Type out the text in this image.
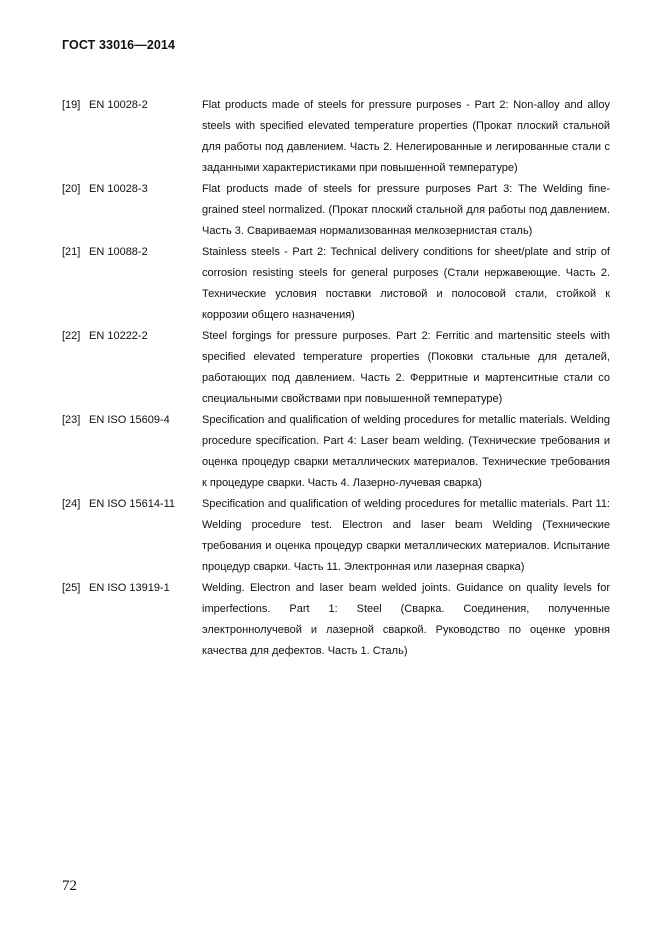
ГОСТ 33016—2014
[19] EN 10028-2	Flat products made of steels for pressure purposes - Part 2: Non-alloy and alloy steels with specified elevated temperature properties (Прокат плоский стальной для работы под давлением. Часть 2. Нелегированные и легированные стали с заданными характеристиками при повышенной температуре)
[20] EN 10028-3	Flat products made of steels for pressure purposes Part 3: The Welding fine-grained steel normalized. (Прокат плоский стальной для работы под давлением. Часть 3. Свариваемая нормализованная мелкозернистая сталь)
[21] EN 10088-2	Stainless steels - Part 2: Technical delivery conditions for sheet/plate and strip of corrosion resisting steels for general purposes (Стали нержавеющие. Часть 2. Технические условия поставки листовой и полосовой стали, стойкой к коррозии общего назначения)
[22] EN 10222-2	Steel forgings for pressure purposes. Part 2: Ferritic and martensitic steels with specified elevated temperature properties (Поковки стальные для деталей, работающих под давлением. Часть 2. Ферритные и мартенситные стали со специальными свойствами при повышенной температуре)
[23] EN ISO 15609-4	Specification and qualification of welding procedures for metallic materials. Welding procedure specification. Part 4: Laser beam welding. (Технические требования и оценка процедур сварки металлических материалов. Технические требования к процедуре сварки. Часть 4. Лазерно-лучевая сварка)
[24] EN ISO 15614-11	Specification and qualification of welding procedures for metallic materials. Part 11: Welding procedure test. Electron and laser beam Welding (Технические требования и оценка процедур сварки металлических материалов. Испытание процедур сварки. Часть 11. Электронная или лазерная сварка)
[25] EN ISO 13919-1	Welding. Electron and laser beam welded joints. Guidance on quality levels for imperfections. Part 1: Steel (Сварка. Соединения, полученные электроннолучевой и лазерной сваркой. Руководство по оценке уровня качества для дефектов. Часть 1. Сталь)
72
